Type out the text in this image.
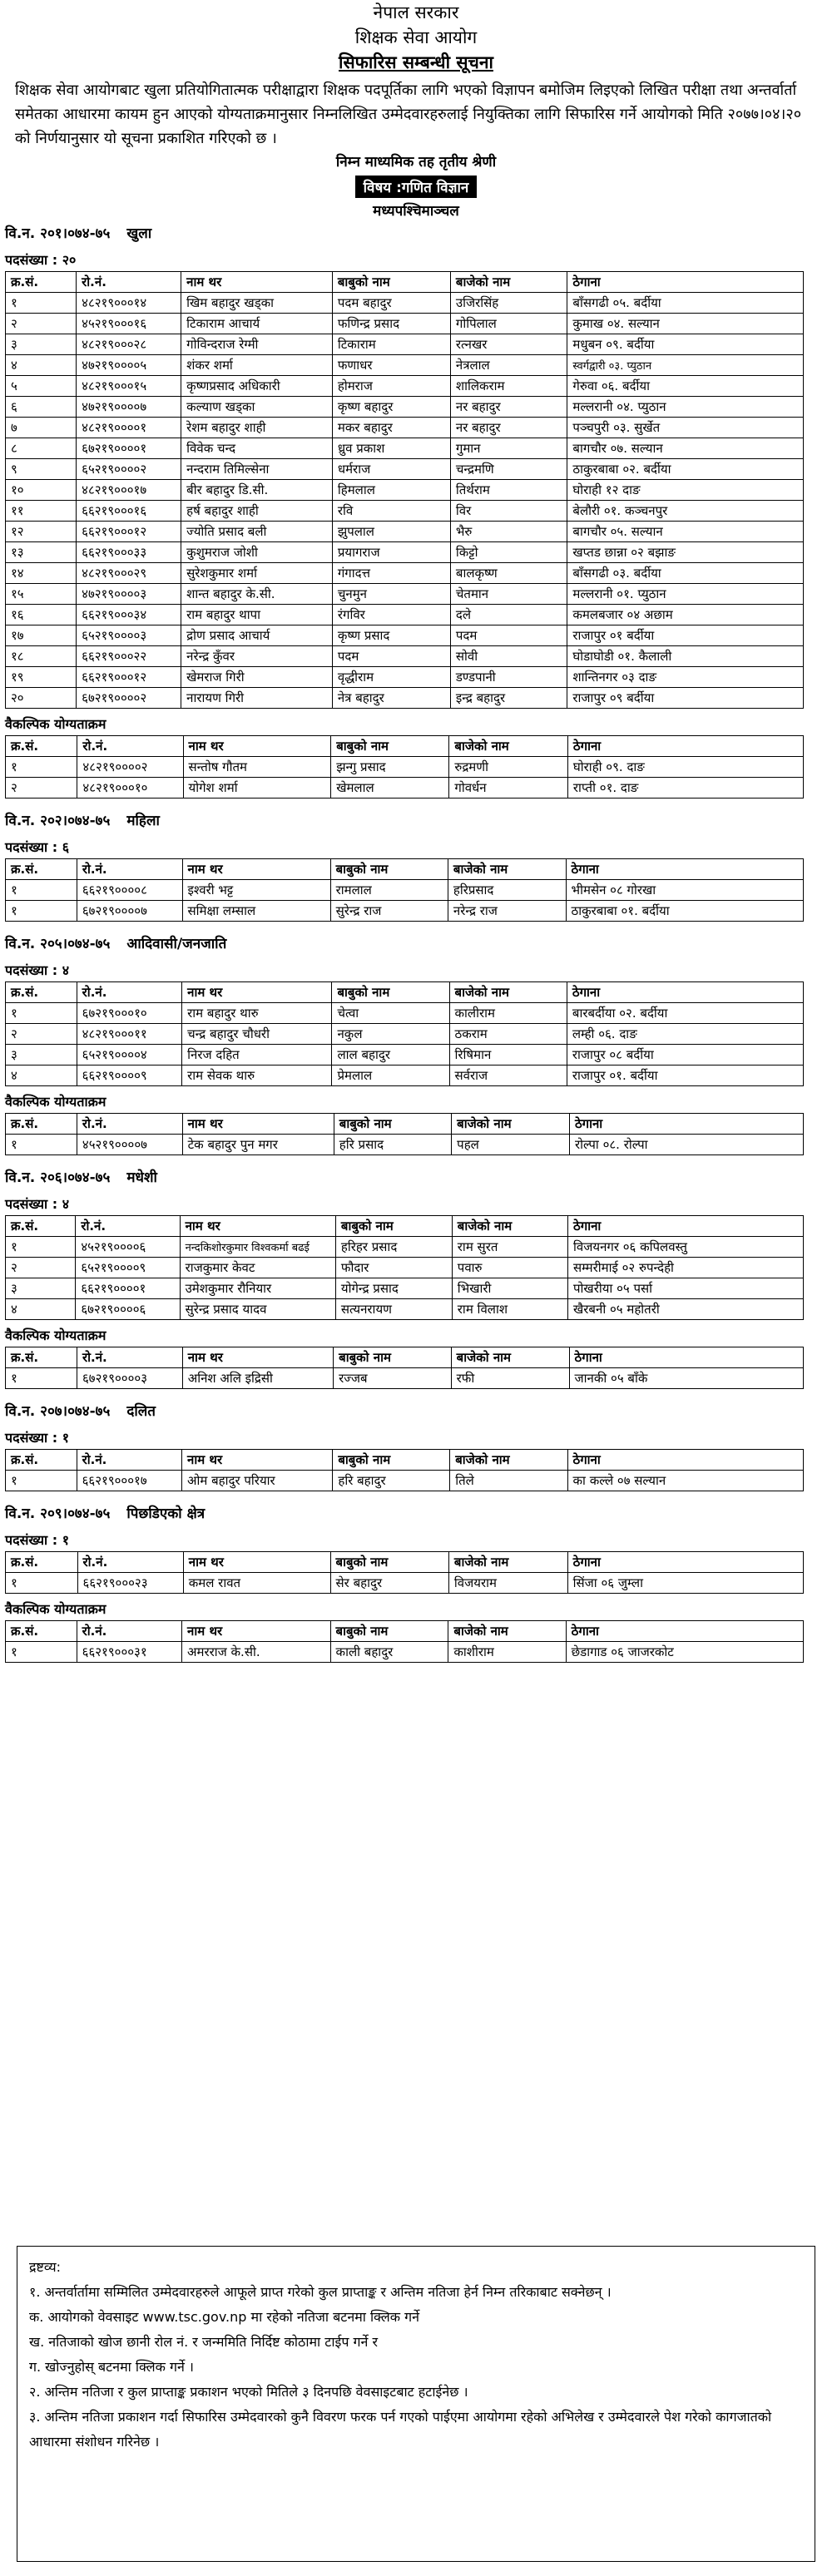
नेपाल सरकार
शिक्षक सेवा आयोग
सिफारिस सम्बन्धी सूचना
शिक्षक सेवा आयोगबाट खुला प्रतियोगितात्मक परीक्षाद्वारा शिक्षक पदपूर्तिका लागि भएको विज्ञापन बमोजिम लिइएको लिखित परीक्षा तथा अन्तर्वार्ता समेतका आधारमा कायम हुन आएको योग्यताक्रमानुसार निम्नलिखित उम्मेदवारहरुलाई नियुक्तिका लागि सिफारिस गर्ने आयोगको मिति २०७७।०४।२० को निर्णयानुसार यो सूचना प्रकाशित गरिएको छ ।
निम्न माध्यमिक तह तृतीय श्रेणी
विषय :गणित विज्ञान
मध्यपश्चिमाञ्चल
वि.न. २०१।०७४-७५ खुला
पदसंख्या : २०
क्र.सं.	रो.नं.	नाम थर	बाबुको नाम	बाजेको नाम	ठेगाना
१	४८२१९०००१४	खिम बहादुर खड्का	पदम बहादुर	उजिरसिंह	बाँसगढी ०५. बर्दीया
२	४५२१९०००१६	टिकाराम आचार्य	फणिन्द्र प्रसाद	गोपिलाल	कुमाख ०४. सल्यान
३	४८२१९०००२८	गोविन्दराज रेग्मी	टिकाराम	रत्नखर	मधुबन ०९. बर्दीया
४	४७२१९००००५	शंकर शर्मा	फणाधर	नेत्रलाल	स्वर्गद्वारी ०३. प्युठान
५	४८२१९०००१५	कृष्णप्रसाद अधिकारी	होमराज	शालिकराम	गेरुवा ०६. बर्दीया
६	४७२१९००००७	कल्याण खड्का	कृष्ण बहादुर	नर बहादुर	मल्लरानी ०४. प्युठान
७	४८२१९००००१	रेशम बहादुर शाही	मकर बहादुर	नर बहादुर	पञ्चपुरी ०३. सुर्खेत
८	६७२१९००००१	विवेक चन्द	ध्रुव प्रकाश	गुमान	बागचौर ०७. सल्यान
९	६५२१९००००२	नन्दराम तिमिल्सेना	धर्मराज	चन्द्रमणि	ठाकुरबाबा ०२. बर्दीया
१०	४८२१९०००१७	बीर बहादुर डि.सी.	हिमलाल	तिर्थराम	घोराही १२ दाङ
११	६६२१९०००१६	हर्ष बहादुर शाही	रवि	विर	बेलौरी ०१. कञ्चनपुर
१२	६६२१९०००१२	ज्योति प्रसाद बली	झुपलाल	भैरु	बागचौर ०५. सल्यान
१३	६६२१९०००३३	कुशुमराज जोशी	प्रयागराज	किट्टो	खप्तड छान्ना ०२ बझाङ
१४	४८२१९०००२९	सुरेशकुमार शर्मा	गंगादत्त	बालकृष्ण	बाँसगढी ०३. बर्दीया
१५	४७२१९००००३	शान्त बहादुर के.सी.	चुनमुन	चेतमान	मल्लरानी ०१. प्युठान
१६	६६२१९०००३४	राम बहादुर थापा	रंगविर	दले	कमलबजार ०४ अछाम
१७	६५२१९००००३	द्रोण प्रसाद आचार्य	कृष्ण प्रसाद	पदम	राजापुर ०१ बर्दीया
१८	६६२१९०००२२	नरेन्द्र कुँवर	पदम	सोवी	घोडाघोडी ०१. कैलाली
१९	६६२१९०००१२	खेमराज गिरी	वृद्धीराम	डण्डपानी	शान्तिनगर ०३ दाङ
२०	६७२१९००००२	नारायण गिरी	नेत्र बहादुर	इन्द्र बहादुर	राजापुर ०९ बर्दीया
वैकल्पिक योग्यताक्रम
क्र.सं.	रो.नं.	नाम थर	बाबुको नाम	बाजेको नाम	ठेगाना
१	४८२१९००००२	सन्तोष गौतम	झन्गु प्रसाद	रुद्रमणी	घोराही ०९. दाङ
२	४८२१९०००१०	योगेश शर्मा	खेमलाल	गोवर्धन	राप्ती ०१. दाङ
वि.न. २०२।०७४-७५ महिला
पदसंख्या : ६
क्र.सं.	रो.नं.	नाम थर	बाबुको नाम	बाजेको नाम	ठेगाना
१	६६२१९००००८	इश्वरी भट्ट	रामलाल	हरिप्रसाद	भीमसेन ०८ गोरखा
१	६७२१९००००७	समिक्षा लम्साल	सुरेन्द्र राज	नरेन्द्र राज	ठाकुरबाबा ०१. बर्दीया
वि.न. २०५।०७४-७५ आदिवासी/जनजाति
पदसंख्या : ४
क्र.सं.	रो.नं.	नाम थर	बाबुको नाम	बाजेको नाम	ठेगाना
१	६७२१९०००१०	राम बहादुर थारु	चेत्वा	कालीराम	बारबर्दीया ०२. बर्दीया
२	४८२१९०००११	चन्द्र बहादुर चौधरी	नकुल	ठकराम	लम्ही ०६. दाङ
३	६५२१९००००४	निरज दहित	लाल बहादुर	रिषिमान	राजापुर ०८ बर्दीया
४	६६२१९००००९	राम सेवक थारु	प्रेमलाल	सर्वराज	राजापुर ०१. बर्दीया
वैकल्पिक योग्यताक्रम
क्र.सं.	रो.नं.	नाम थर	बाबुको नाम	बाजेको नाम	ठेगाना
१	४५२१९००००७	टेक बहादुर पुन मगर	हरि प्रसाद	पहल	रोल्पा ०८. रोल्पा
वि.न. २०६।०७४-७५ मधेशी
पदसंख्या : ४
क्र.सं.	रो.नं.	नाम थर	बाबुको नाम	बाजेको नाम	ठेगाना
१	४५२१९००००६	नन्दकिशोरकुमार विश्वकर्मा बढई	हरिहर प्रसाद	राम सुरत	विजयनगर ०६ कपिलवस्तु
२	६५२१९००००९	राजकुमार केवट	फौदार	पवारु	सम्मरीमाई ०२ रुपन्देही
३	६६२१९००००१	उमेशकुमार रौनियार	योगेन्द्र प्रसाद	भिखारी	पोखरीया ०५ पर्सा
४	६७२१९००००६	सुरेन्द्र प्रसाद यादव	सत्यनरायण	राम विलाश	खैरबनी ०५ महोतरी
वैकल्पिक योग्यताक्रम
क्र.सं.	रो.नं.	नाम थर	बाबुको नाम	बाजेको नाम	ठेगाना
१	६७२१९००००३	अनिश अलि इद्रिसी	रज्जब	रफी	जानकी ०५ बाँके
वि.न. २०७।०७४-७५ दलित
पदसंख्या : १
क्र.सं.	रो.नं.	नाम थर	बाबुको नाम	बाजेको नाम	ठेगाना
१	६६२१९०००१७	ओम बहादुर परियार	हरि बहादुर	तिले	का कल्ले ०७ सल्यान
वि.न. २०९।०७४-७५ पिछडिएको क्षेत्र
पदसंख्या : १
क्र.सं.	रो.नं.	नाम थर	बाबुको नाम	बाजेको नाम	ठेगाना
१	६६२१९०००२३	कमल रावत	सेर बहादुर	विजयराम	सिंजा ०६ जुम्ला
वैकल्पिक योग्यताक्रम
क्र.सं.	रो.नं.	नाम थर	बाबुको नाम	बाजेको नाम	ठेगाना
१	६६२१९०००३१	अमरराज के.सी.	काली बहादुर	काशीराम	छेडागाड ०६ जाजरकोट

द्रष्टव्य:

१. अन्तर्वार्तामा सम्मिलित उम्मेदवारहरुले आफूले प्राप्त गरेको कुल प्राप्ताङ्क र अन्तिम नतिजा हेर्न निम्न तरिकाबाट सक्नेछन् ।

क. आयोगको वेवसाइट www.tsc.gov.np मा रहेको नतिजा बटनमा क्लिक गर्ने

ख. नतिजाको खोज छानी रोल नं. र जन्ममिति निर्दिष्ट कोठामा टाईप गर्ने र

ग. खोज्नुहोस् बटनमा क्लिक गर्ने ।

२. अन्तिम नतिजा र कुल प्राप्ताङ्क प्रकाशन भएको मितिले ३ दिनपछि वेवसाइटबाट हटाईनेछ ।

३. अन्तिम नतिजा प्रकाशन गर्दा सिफारिस उम्मेदवारको कुनै विवरण फरक पर्न गएको पाईएमा आयोगमा रहेको अभिलेख र उम्मेदवारले पेश गरेको कागजातको आधारमा संशोधन गरिनेछ ।
